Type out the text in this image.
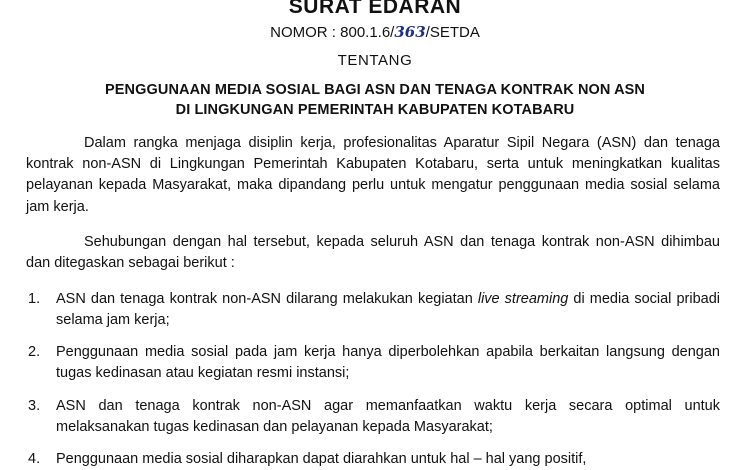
SURAT EDARAN
NOMOR : 800.1.6/363/SETDA
TENTANG
PENGGUNAAN MEDIA SOSIAL BAGI ASN DAN TENAGA KONTRAK NON ASN
DI LINGKUNGAN PEMERINTAH KABUPATEN KOTABARU

Dalam rangka menjaga disiplin kerja, profesionalitas Aparatur Sipil Negara (ASN) dan tenaga kontrak non-ASN di Lingkungan Pemerintah Kabupaten Kotabaru, serta untuk meningkatkan kualitas pelayanan kepada Masyarakat, maka dipandang perlu untuk mengatur penggunaan media sosial selama jam kerja.

Sehubungan dengan hal tersebut, kepada seluruh ASN dan tenaga kontrak non-ASN dihimbau dan ditegaskan sebagai berikut :

1.	ASN dan tenaga kontrak non-ASN dilarang melakukan kegiatan live streaming di media social pribadi selama jam kerja;
2.	Penggunaan media sosial pada jam kerja hanya diperbolehkan apabila berkaitan langsung dengan tugas kedinasan atau kegiatan resmi instansi;
3.	ASN dan tenaga kontrak non-ASN agar memanfaatkan waktu kerja secara optimal untuk melaksanakan tugas kedinasan dan pelayanan kepada Masyarakat;
4.	Penggunaan media sosial diharapkan dapat diarahkan untuk hal – hal yang positif,
